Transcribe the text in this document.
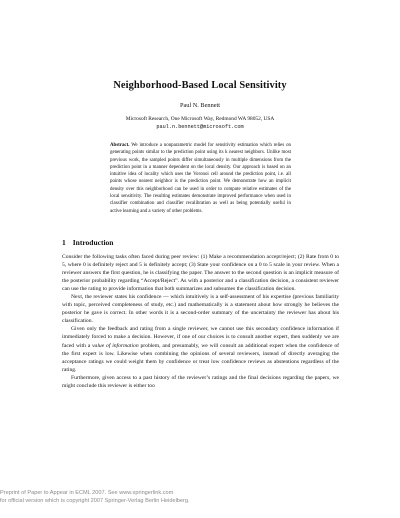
Neighborhood-Based Local Sensitivity
Paul N. Bennett
Microsoft Research, One Microsoft Way, Redmond WA 98052, USA
paul.n.bennett@microsoft.com
Abstract. We introduce a nonparametric model for sensitivity estimation which relies on generating points similar to the prediction point using its k nearest neighbors. Unlike most previous work, the sampled points differ simultaneously in multiple dimensions from the prediction point in a manner dependent on the local density. Our approach is based on an intuitive idea of locality which uses the Voronoi cell around the prediction point, i.e. all points whose nearest neighbor is the prediction point. We demonstrate how an implicit density over this neighborhood can be used in order to compute relative estimates of the local sensitivity. The resulting estimates demonstrate improved performance when used in classifier combination and classifier recalibration as well as being potentially useful in active learning and a variety of other problems.
1 Introduction

Consider the following tasks often faced during peer review: (1) Make a recommendation accept/reject; (2) Rate from 0 to 5, where 0 is definitely reject and 5 is definitely accept; (3) State your confidence on a 0 to 5 scale in your review. When a reviewer answers the first question, he is classifying the paper. The answer to the second question is an implicit measure of the posterior probability regarding “Accept/Reject”. As with a posterior and a classification decision, a consistent reviewer can use the rating to provide information that both summarizes and subsumes the classification decision.

Next, the reviewer states his confidence — which intuitively is a self-assessment of his expertise (previous familiarity with topic, perceived completeness of study, etc.) and mathematically is a statement about how strongly he believes the posterior he gave is correct. In other words it is a second-order summary of the uncertainty the reviewer has about his classification.

Given only the feedback and rating from a single reviewer, we cannot use this secondary confidence information if immediately forced to make a decision. However, if one of our choices is to consult another expert, then suddenly we are faced with a value of information problem, and presumably, we will consult an additional expert when the confidence of the first expert is low. Likewise when combining the opinions of several reviewers, instead of directly averaging the acceptance ratings we could weight them by confidence or treat low confidence reviews as abstentions regardless of the rating.

Furthermore, given access to a past history of the reviewer’s ratings and the final decisions regarding the papers, we might conclude this reviewer is either too

Preprint of Paper to Appear in ECML 2007. See www.springerlink.com
for official version which is copyright 2007 Springer-Verlag Berlin Heidelberg.
